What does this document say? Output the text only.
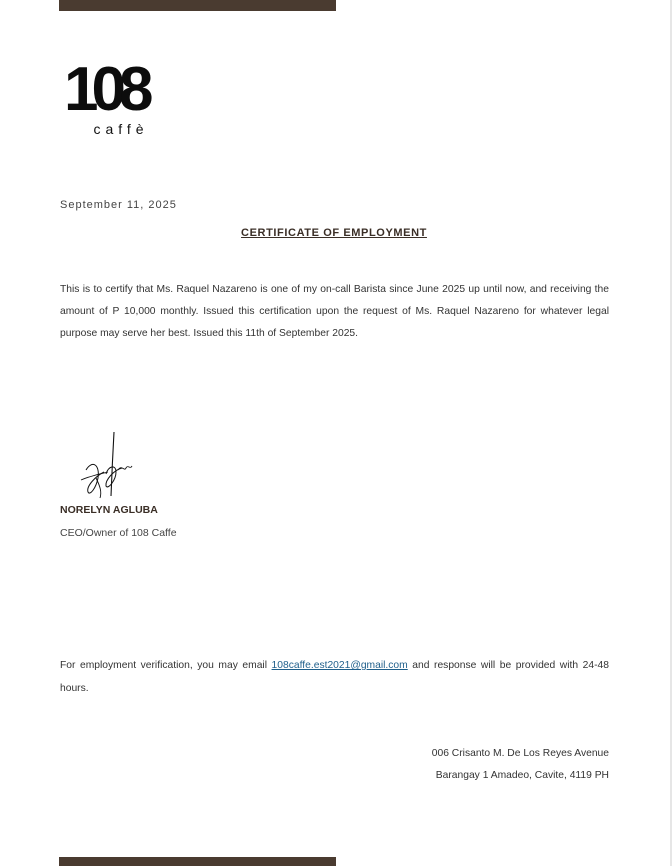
108
caffè
September 11, 2025
CERTIFICATE OF EMPLOYMENT
This is to certify that Ms. Raquel Nazareno is one of my on-call Barista since June 2025 up until now, and receiving the amount of P 10,000 monthly. Issued this certification upon the request of Ms. Raquel Nazareno for whatever legal purpose may serve her best. Issued this 11th of September 2025.
NORELYN AGLUBA
CEO/Owner of 108 Caffe
For employment verification, you may email 108caffe.est2021@gmail.com and response will be provided with 24-48 hours.
006 Crisanto M. De Los Reyes Avenue
Barangay 1 Amadeo, Cavite, 4119 PH
